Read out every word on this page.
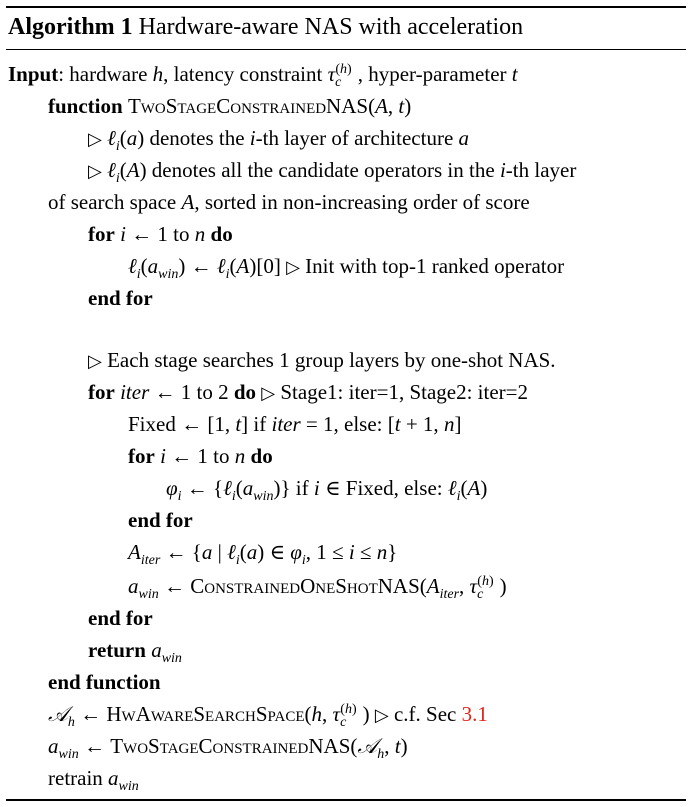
Algorithm 1 Hardware-aware NAS with acceleration
Input: hardware h, latency constraint $\tau_c^{(h)}$ , hyper-parameter t
function TwoStageConstrainedNAS(A, t)
▷ ℓ$_i$(a) denotes the i-th layer of architecture a
▷ ℓ$_i$(A) denotes all the candidate operators in the i-th layer
of search space A, sorted in non-increasing order of score
for i ← 1 to n do
$\ell_i(a_{win})$ ← ℓ$_i$(A)[0] ▷ Init with top-1 ranked operator
end for
▷ Each stage searches 1 group layers by one-shot NAS.
for iter ← 1 to 2 do ▷ Stage1: iter=1, Stage2: iter=2
Fixed ← [1, t] if iter = 1, else: [t + 1, n]
for i ← 1 to n do
$\varphi_i$ ← $\{\ell_i(a_{win})\}$ if i ∈ Fixed, else: ℓ$_i$(A)
end for
$A_{iter}$ ← {a | ℓ$_i$(a) ∈ $\varphi_i$, 1 ≤ i ≤ n}
$a_{win}$ ← $ConstrainedOneShotNAS(A_{iter}$, $\tau_c^{(h)}$ )
end for
return $a_{win}$
end function
𝒜$_h$ ← HwAwareSearchSpace(h, $\tau_c^{(h)}$ ) ▷ c.f. Sec 3.1
$a_{win}$ ← TwoStageConstrainedNAS(𝒜$_h$, t)
retrain $a_{win}$
